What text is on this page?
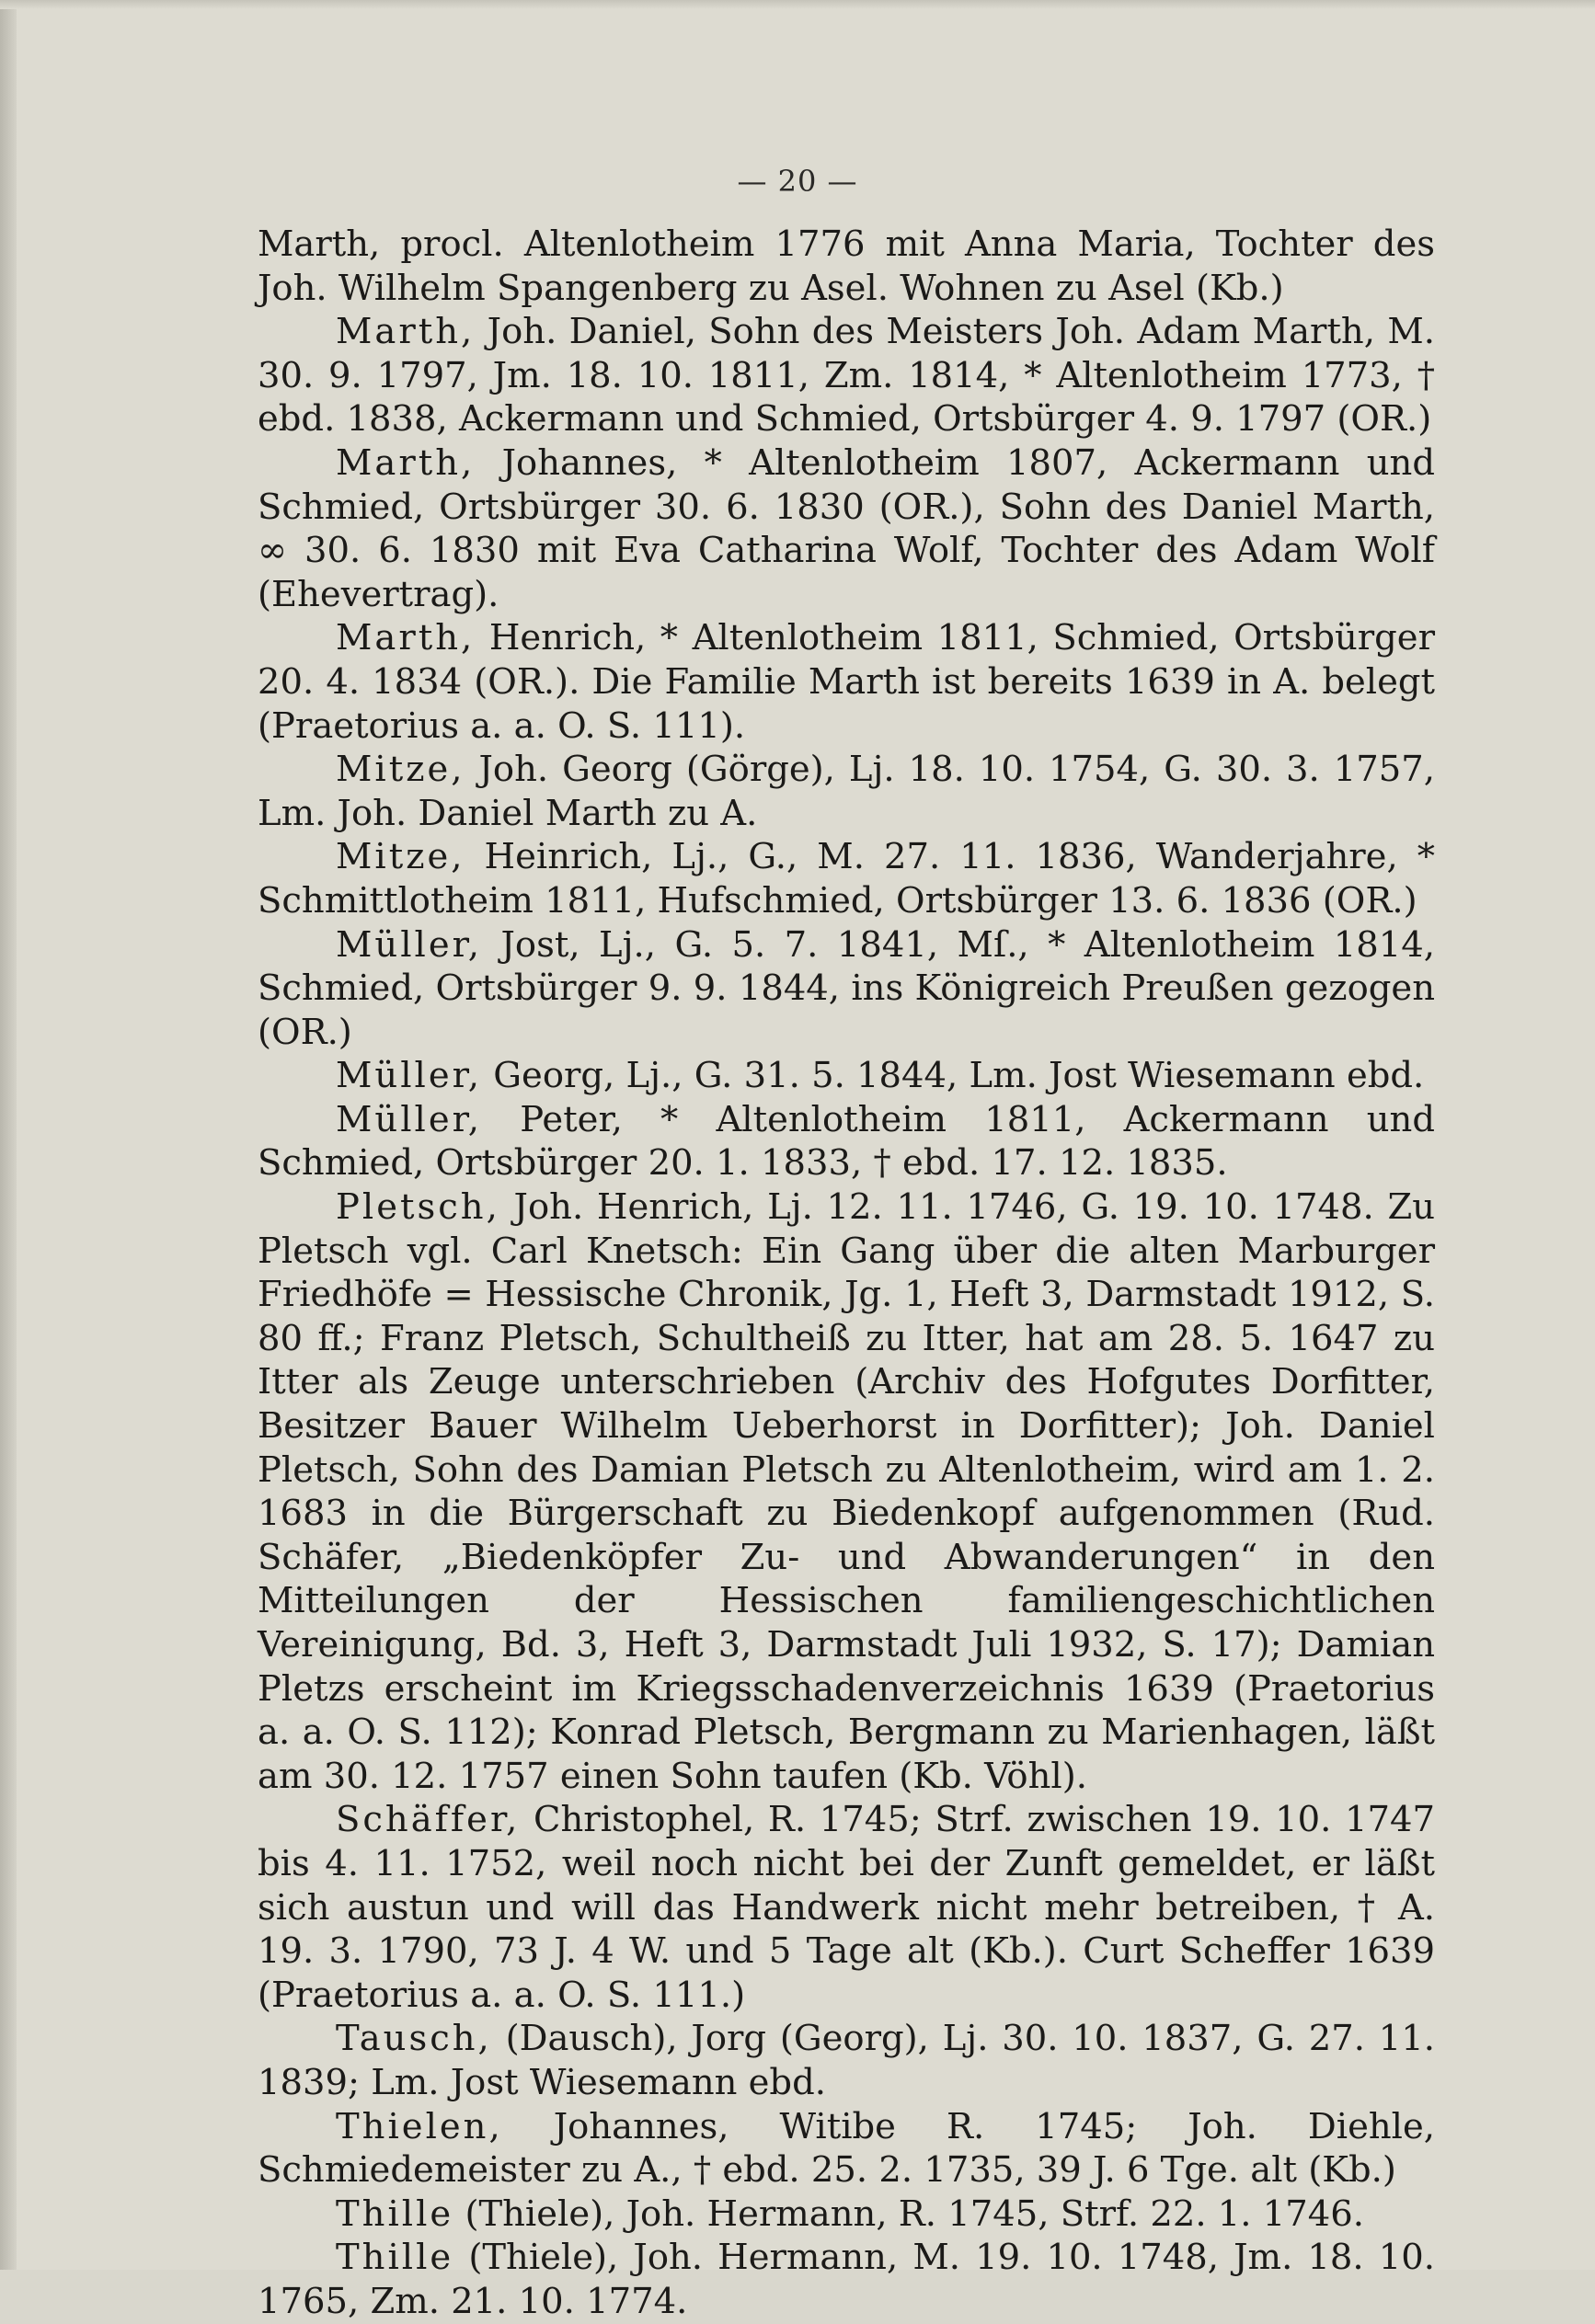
— 20 —

Marth, procl. Altenlotheim 1776 mit Anna Maria, Tochter des Joh. Wilhelm Spangenberg zu Asel. Wohnen zu Asel (Kb.)

Marth, Joh. Daniel, Sohn des Meisters Joh. Adam Marth, M. 30. 9. 1797, Jm. 18. 10. 1811, Zm. 1814, * Altenlotheim 1773, † ebd. 1838, Ackermann und Schmied, Ortsbürger 4. 9. 1797 (OR.)

Marth, Johannes, * Altenlotheim 1807, Ackermann und Schmied, Ortsbürger 30. 6. 1830 (OR.), Sohn des Daniel Marth, ∞ 30. 6. 1830 mit Eva Catharina Wolf, Tochter des Adam Wolf (Ehevertrag).

Marth, Henrich, * Altenlotheim 1811, Schmied, Ortsbürger 20. 4. 1834 (OR.). Die Familie Marth ist bereits 1639 in A. belegt (Praetorius a. a. O. S. 111).

Mitze, Joh. Georg (Görge), Lj. 18. 10. 1754, G. 30. 3. 1757, Lm. Joh. Daniel Marth zu A.

Mitze, Heinrich, Lj., G., M. 27. 11. 1836, Wanderjahre, * Schmittlotheim 1811, Hufschmied, Ortsbürger 13. 6. 1836 (OR.)

Müller, Jost, Lj., G. 5. 7. 1841, Mſ., * Altenlotheim 1814, Schmied, Ortsbürger 9. 9. 1844, ins Königreich Preußen gezogen (OR.)

Müller, Georg, Lj., G. 31. 5. 1844, Lm. Jost Wiesemann ebd.

Müller, Peter, * Altenlotheim 1811, Ackermann und Schmied, Ortsbürger 20. 1. 1833, † ebd. 17. 12. 1835.

Pletsch, Joh. Henrich, Lj. 12. 11. 1746, G. 19. 10. 1748. Zu Pletsch vgl. Carl Knetsch: Ein Gang über die alten Marburger Friedhöfe = Hessische Chronik, Jg. 1, Heft 3, Darmstadt 1912, S. 80 ff.; Franz Pletsch, Schultheiß zu Itter, hat am 28. 5. 1647 zu Itter als Zeuge unterschrieben (Archiv des Hofgutes Dorfitter, Besitzer Bauer Wilhelm Ueberhorst in Dorfitter); Joh. Daniel Pletsch, Sohn des Damian Pletsch zu Altenlotheim, wird am 1. 2. 1683 in die Bürgerschaft zu Biedenkopf aufgenommen (Rud. Schäfer, „Biedenköpfer Zu- und Abwanderungen“ in den Mitteilungen der Hessischen familiengeschichtlichen Vereinigung, Bd. 3, Heft 3, Darmstadt Juli 1932, S. 17); Damian Pletzs erscheint im Kriegsschadenverzeichnis 1639 (Praetorius a. a. O. S. 112); Konrad Pletsch, Bergmann zu Marienhagen, läßt am 30. 12. 1757 einen Sohn taufen (Kb. Vöhl).

Schäffer, Christophel, R. 1745; Strf. zwischen 19. 10. 1747 bis 4. 11. 1752, weil noch nicht bei der Zunft gemeldet, er läßt sich austun und will das Handwerk nicht mehr betreiben, † A. 19. 3. 1790, 73 J. 4 W. und 5 Tage alt (Kb.). Curt Scheffer 1639 (Praetorius a. a. O. S. 111.)

Tausch, (Dausch), Jorg (Georg), Lj. 30. 10. 1837, G. 27. 11. 1839; Lm. Jost Wiesemann ebd.

Thielen, Johannes, Witibe R. 1745; Joh. Diehle, Schmiedemeister zu A., † ebd. 25. 2. 1735, 39 J. 6 Tge. alt (Kb.)

Thille (Thiele), Joh. Hermann, R. 1745, Strf. 22. 1. 1746.

Thille (Thiele), Joh. Hermann, M. 19. 10. 1748, Jm. 18. 10. 1765, Zm. 21. 10. 1774.
